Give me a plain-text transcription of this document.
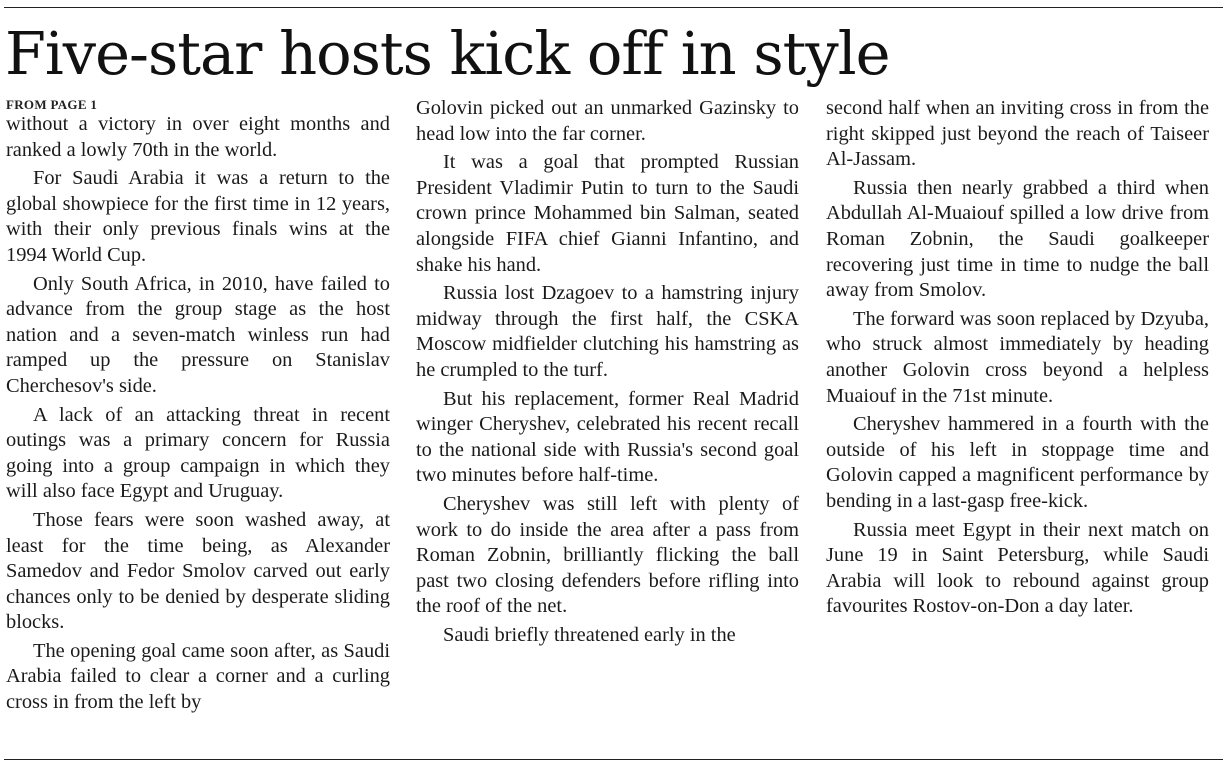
Five-star hosts kick off in style

FROM PAGE 1

without a victory in over eight months and ranked a lowly 70th in the world.

For Saudi Arabia it was a return to the global showpiece for the first time in 12 years, with their only previous finals wins at the 1994 World Cup.

Only South Africa, in 2010, have failed to advance from the group stage as the host nation and a seven-match winless run had ramped up the pressure on Stanislav Cherchesov's side.

A lack of an attacking threat in recent outings was a primary concern for Russia going into a group campaign in which they will also face Egypt and Uruguay.

Those fears were soon washed away, at least for the time being, as Alexander Samedov and Fedor Smolov carved out early chances only to be denied by desperate sliding blocks.

The opening goal came soon after, as Saudi Arabia failed to clear a corner and a curling cross in from the left by

Golovin picked out an unmarked Gazinsky to head low into the far corner.

It was a goal that prompted Russian President Vladimir Putin to turn to the Saudi crown prince Mohammed bin Salman, seated alongside FIFA chief Gianni Infantino, and shake his hand.

Russia lost Dzagoev to a hamstring injury midway through the first half, the CSKA Moscow midfielder clutching his hamstring as he crumpled to the turf.

But his replacement, former Real Madrid winger Cheryshev, celebrated his recent recall to the national side with Russia's second goal two minutes before half-time.

Cheryshev was still left with plenty of work to do inside the area after a pass from Roman Zobnin, brilliantly flicking the ball past two closing defenders before rifling into the roof of the net.

Saudi briefly threatened early in the

second half when an inviting cross in from the right skipped just beyond the reach of Taiseer Al-Jassam.

Russia then nearly grabbed a third when Abdullah Al-Muaiouf spilled a low drive from Roman Zobnin, the Saudi goalkeeper recovering just time in time to nudge the ball away from Smolov.

The forward was soon replaced by Dzyuba, who struck almost immediately by heading another Golovin cross beyond a helpless Muaiouf in the 71st minute.

Cheryshev hammered in a fourth with the outside of his left in stoppage time and Golovin capped a magnificent performance by bending in a last-gasp free-kick.

Russia meet Egypt in their next match on June 19 in Saint Petersburg, while Saudi Arabia will look to rebound against group favourites Rostov-on-Don a day later.
